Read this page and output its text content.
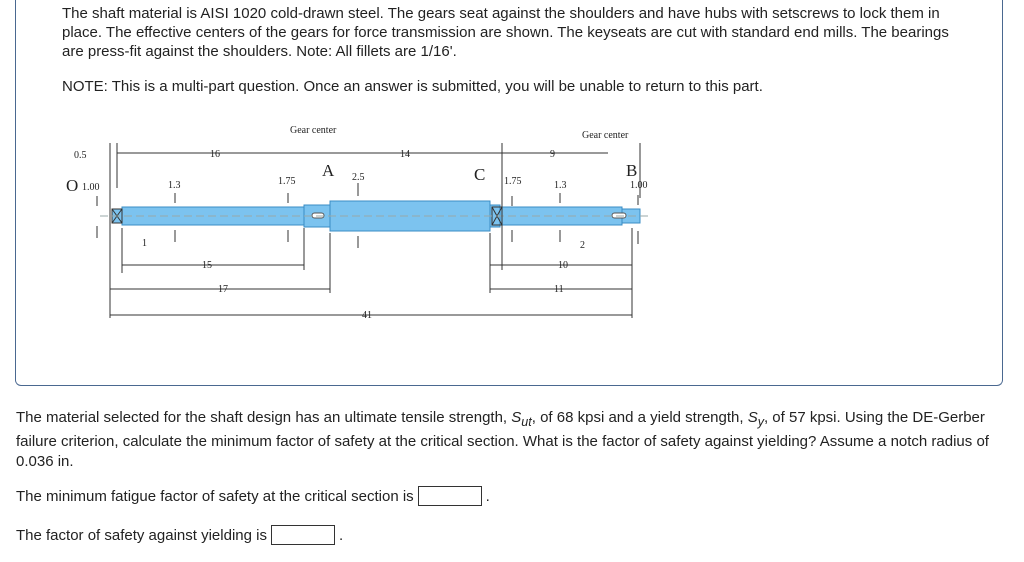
The shaft material is AISI 1020 cold-drawn steel. The gears seat against the shoulders and have hubs with setscrews to lock them in place. The effective centers of the gears for force transmission are shown. The keyseats are cut with standard end mills. The bearings are press-fit against the shoulders. Note: All fillets are 1/16'.

NOTE: This is a multi-part question. Once an answer is submitted, you will be unable to return to this part.

Gear center	Gear center
A	C	B
O
0.5	16	14	9
1.00	1.3	1.75	2.5	1.75	1.3	1.00
1	2
15
17
10
11
41

The material selected for the shaft design has an ultimate tensile strength, $S_{ut}$, of 68 kpsi and a yield strength, $S_y$, of 57 kpsi. Using the DE-Gerber failure criterion, calculate the minimum factor of safety at the critical section. What is the factor of safety against yielding? Assume a notch radius of 0.036 in.

The minimum fatigue factor of safety at the critical section is	.
The factor of safety against yielding is	.
